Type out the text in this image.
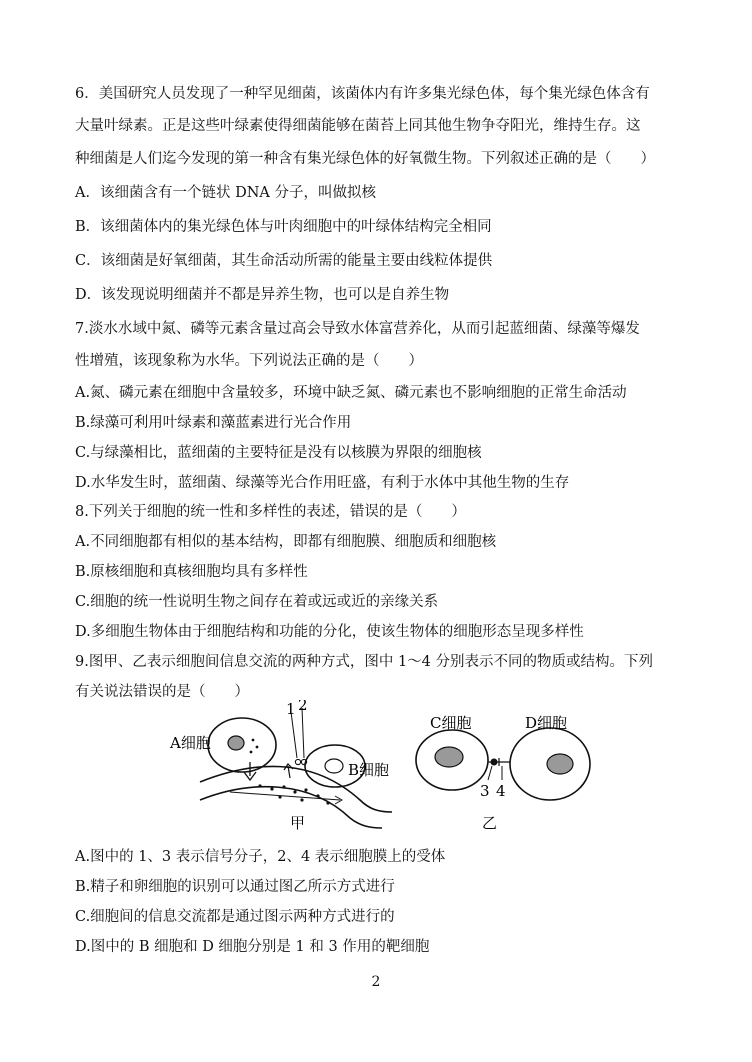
6．美国研究人员发现了一种罕见细菌，该菌体内有许多集光绿色体，每个集光绿色体含有
大量叶绿素。正是这些叶绿素使得细菌能够在菌苔上同其他生物争夺阳光，维持生存。这
种细菌是人们迄今发现的第一种含有集光绿色体的好氧微生物。下列叙述正确的是（　　）
A．该细菌含有一个链状 DNA 分子，叫做拟核
B．该细菌体内的集光绿色体与叶肉细胞中的叶绿体结构完全相同
C．该细菌是好氧细菌，其生命活动所需的能量主要由线粒体提供
D．该发现说明细菌并不都是异养生物，也可以是自养生物
7.淡水水域中氮、磷等元素含量过高会导致水体富营养化，从而引起蓝细菌、绿藻等爆发
性增殖，该现象称为水华。下列说法正确的是（　　）
A.氮、磷元素在细胞中含量较多，环境中缺乏氮、磷元素也不影响细胞的正常生命活动
B.绿藻可利用叶绿素和藻蓝素进行光合作用
C.与绿藻相比，蓝细菌的主要特征是没有以核膜为界限的细胞核
D.水华发生时，蓝细菌、绿藻等光合作用旺盛，有利于水体中其他生物的生存
8.下列关于细胞的统一性和多样性的表述，错误的是（　　）
A.不同细胞都有相似的基本结构，即都有细胞膜、细胞质和细胞核
B.原核细胞和真核细胞均具有多样性
C.细胞的统一性说明生物之间存在着或远或近的亲缘关系
D.多细胞生物体由于细胞结构和功能的分化，使该生物体的细胞形态呈现多样性
9.图甲、乙表示细胞间信息交流的两种方式，图中 1～4 分别表示不同的物质或结构。下列
有关说法错误的是（　　）
A细胞
1 2
B细胞
甲
C细胞	D细胞
3 4
乙
A.图中的 1、3 表示信号分子，2、4 表示细胞膜上的受体
B.精子和卵细胞的识别可以通过图乙所示方式进行
C.细胞间的信息交流都是通过图示两种方式进行的
D.图中的 B 细胞和 D 细胞分别是 1 和 3 作用的靶细胞
2
